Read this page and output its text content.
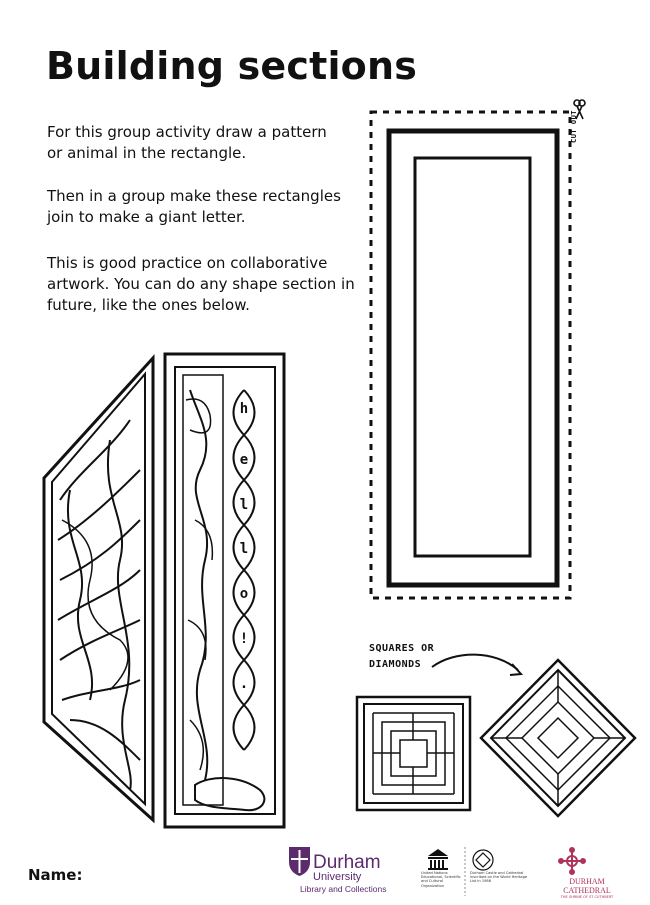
Building sections
For this group activity draw a pattern
or animal in the rectangle.
Then in a group make these rectangles
join to make a giant letter.
This is good practice on collaborative
artwork. You can do any shape section in
future, like the ones below.
h
e
l
l
o
!
.
CUT OUT
SQUARES OR
DIAMONDS
Name:
Durham
University
Library and Collections
United Nations Educational, Scientific and Cultural Organization
Durham Castle and Cathedral inscribed on the World Heritage List in 1986	DURHAM CATHEDRAL
THE SHRINE OF ST CUTHBERT
